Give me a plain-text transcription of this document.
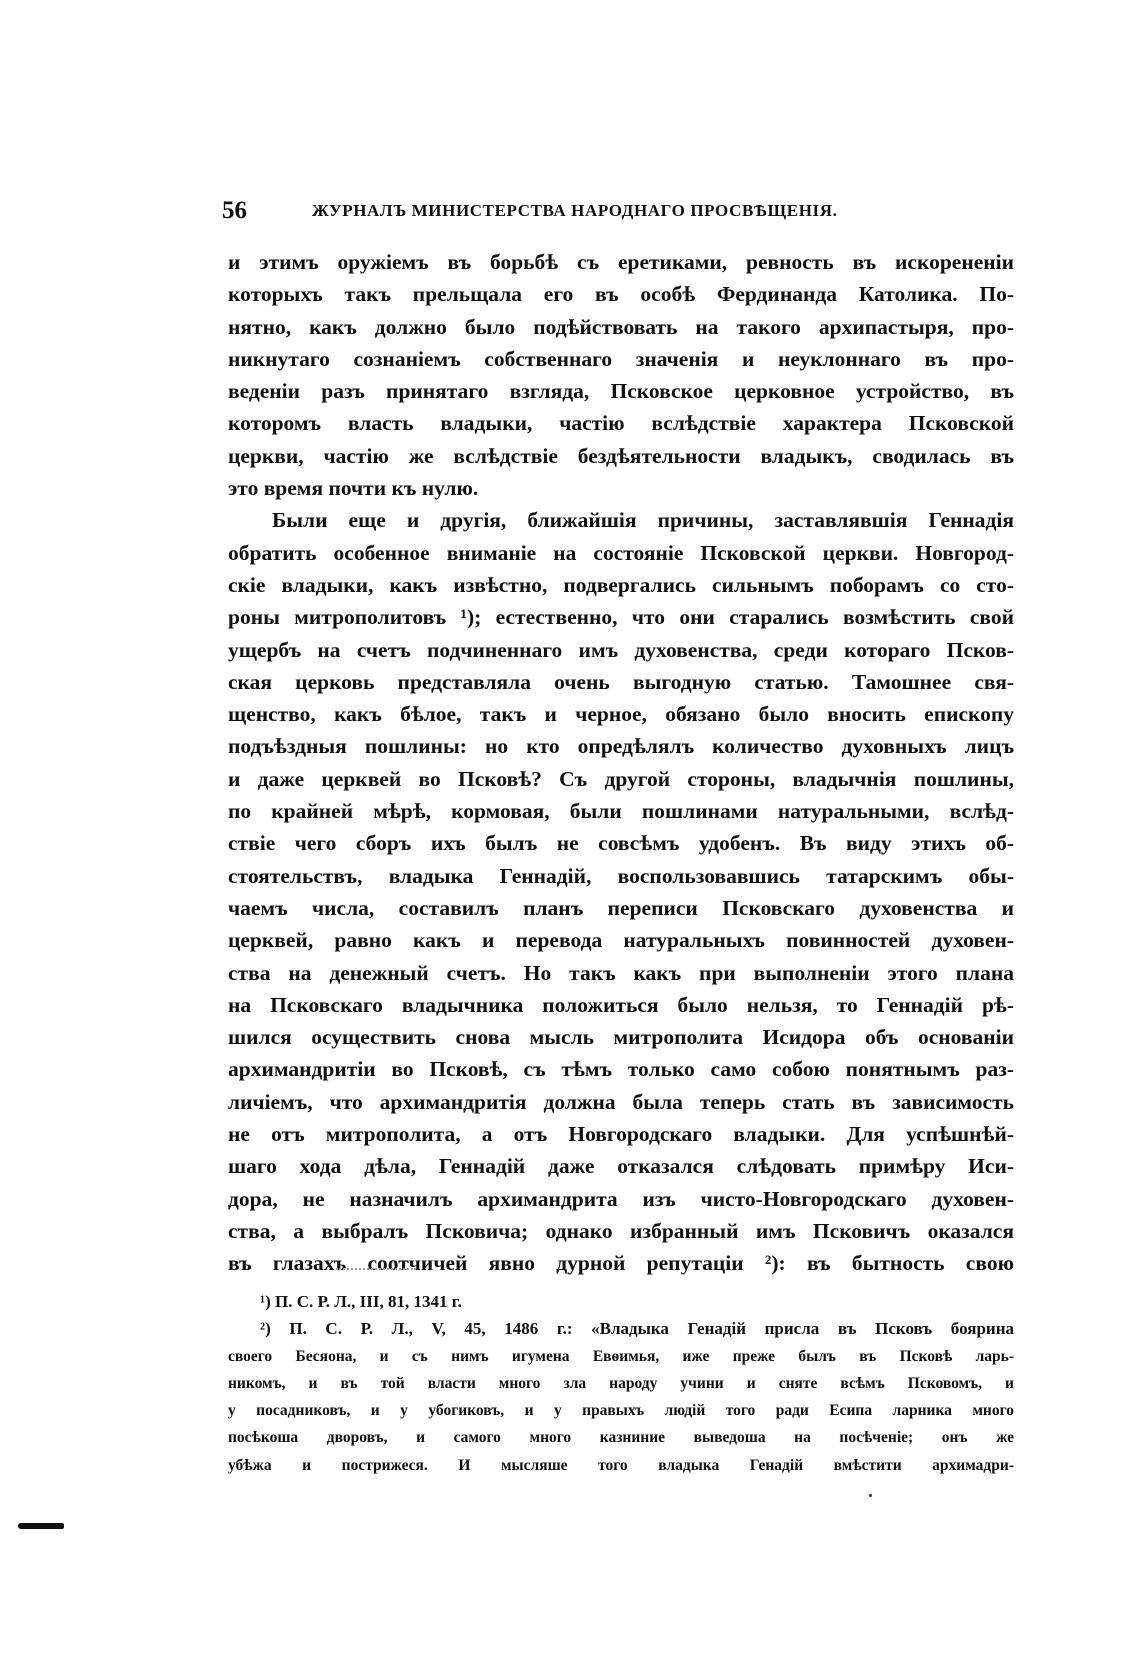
56	ЖУРНАЛЪ МИНИСТЕРСТВА НАРОДНАГО ПРОСВѢЩЕНІЯ.
и этимъ оружіемъ въ борьбѣ съ еретиками, ревность въ искорененіи
которыхъ такъ прельщала его въ особѣ Фердинанда Католика. По-
нятно, какъ должно было подѣйствовать на такого архипастыря, про-
никнутаго сознаніемъ собственнаго значенія и неуклоннаго въ про-
веденіи разъ принятаго взгляда, Псковское церковное устройство, въ
которомъ власть владыки, частію вслѣдствіе характера Псковской
церкви, частію же вслѣдствіе бездѣятельности владыкъ, сводилась въ
это время почти къ нулю.
Были еще и другія, ближайшія причины, заставлявшія Геннадія
обратить особенное вниманіе на состояніе Псковской церкви. Новгород-
скіе владыки, какъ извѣстно, подвергались сильнымъ поборамъ со сто-
роны митрополитовъ ¹); естественно, что они старались возмѣстить свой
ущербъ на счетъ подчиненнаго имъ духовенства, среди котораго Псков-
ская церковь представляла очень выгодную статью. Тамошнее свя-
щенство, какъ бѣлое, такъ и черное, обязано было вносить епископу
подъѣздныя пошлины: но кто опредѣлялъ количество духовныхъ лицъ
и даже церквей во Псковѣ? Съ другой стороны, владычнія пошлины,
по крайней мѣрѣ, кормовая, были пошлинами натуральными, вслѣд-
ствіе чего сборъ ихъ былъ не совсѣмъ удобенъ. Въ виду этихъ об-
стоятельствъ, владыка Геннадій, воспользовавшись татарскимъ обы-
чаемъ числа, составилъ планъ переписи Псковскаго духовенства и
церквей, равно какъ и перевода натуральныхъ повинностей духовен-
ства на денежный счетъ. Но такъ какъ при выполненіи этого плана
на Псковскаго владычника положиться было нельзя, то Геннадій рѣ-
шился осуществить снова мысль митрополита Исидора объ основаніи
архимандритіи во Псковѣ, съ тѣмъ только само собою понятнымъ раз-
личіемъ, что архимандритія должна была теперь стать въ зависимость
не отъ митрополита, а отъ Новгородскаго владыки. Для успѣшнѣй-
шаго хода дѣла, Геннадій даже отказался слѣдовать примѣру Иси-
дора, не назначилъ архимандрита изъ чисто-Новгородскаго духовен-
ства, а выбралъ Псковича; однако избранный имъ Псковичъ оказался
въ глазахъ соотчичей явно дурной репутаціи ²): въ бытность свою
¹) П. С. Р. Л., III, 81, 1341 г.
²) П. С. Р. Л., V, 45, 1486 г.: «Владыка Генадій присла въ Псковъ боярина
своего Бесяона, и съ нимъ игумена Евѳимья, иже преже былъ въ Псковѣ ларь-
никомъ, и въ той власти много зла народу учини и сняте всѣмъ Псковомъ, и
у посадниковъ, и у убогиковъ, и у правыхъ людій того ради Есипа ларника много
посѣкоша дворовъ, и самого много казниние выведоша на посѣченіе; онъ же
убѣжа и пострижеся. И мысляше того владыка Генадій вмѣстити архимадри-
